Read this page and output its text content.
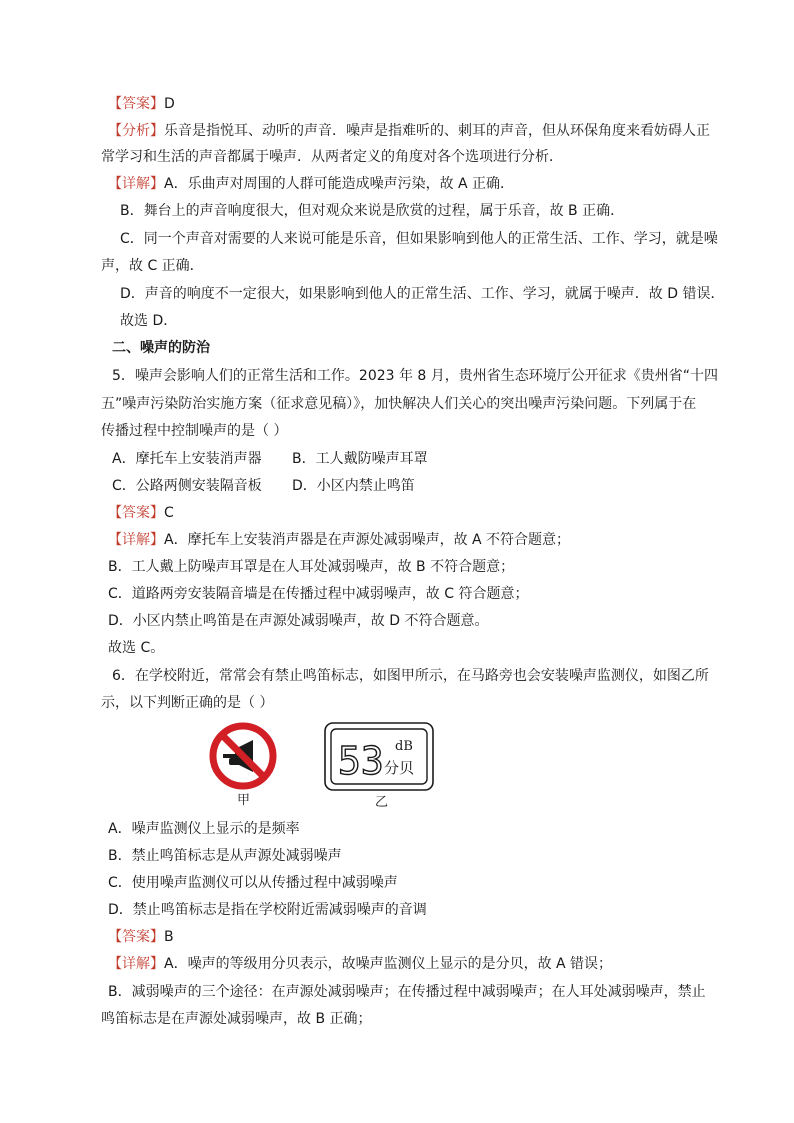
【答案】D
【分析】乐音是指悦耳、动听的声音．噪声是指难听的、刺耳的声音，但从环保角度来看妨碍人正
常学习和生活的声音都属于噪声．从两者定义的角度对各个选项进行分析．
【详解】A．乐曲声对周围的人群可能造成噪声污染，故 A 正确．
B．舞台上的声音响度很大，但对观众来说是欣赏的过程，属于乐音，故 B 正确．
C．同一个声音对需要的人来说可能是乐音，但如果影响到他人的正常生活、工作、学习，就是噪
声，故 C 正确．
D．声音的响度不一定很大，如果影响到他人的正常生活、工作、学习，就属于噪声．故 D 错误．
故选 D．
二、噪声的防治
5．噪声会影响人们的正常生活和工作。2023 年 8 月，贵州省生态环境厅公开征求《贵州省“十四
五”噪声污染防治实施方案（征求意见稿）》，加快解决人们关心的突出噪声污染问题。下列属于在
传播过程中控制噪声的是（ ）
A．摩托车上安装消声器 B．工人戴防噪声耳罩
C．公路两侧安装隔音板 D．小区内禁止鸣笛
【答案】C
【详解】A．摩托车上安装消声器是在声源处减弱噪声，故 A 不符合题意；
B．工人戴上防噪声耳罩是在人耳处减弱噪声，故 B 不符合题意；
C．道路两旁安装隔音墙是在传播过程中减弱噪声，故 C 符合题意；
D．小区内禁止鸣笛是在声源处减弱噪声，故 D 不符合题意。
故选 C。
6．在学校附近，常常会有禁止鸣笛标志，如图甲所示，在马路旁也会安装噪声监测仪，如图乙所
示，以下判断正确的是（ ）
53 dB
分贝
甲	乙
A．噪声监测仪上显示的是频率
B．禁止鸣笛标志是从声源处减弱噪声
C．使用噪声监测仪可以从传播过程中减弱噪声
D．禁止鸣笛标志是指在学校附近需减弱噪声的音调
【答案】B
【详解】A．噪声的等级用分贝表示，故噪声监测仪上显示的是分贝，故 A 错误；
B．减弱噪声的三个途径：在声源处减弱噪声；在传播过程中减弱噪声；在人耳处减弱噪声，禁止
鸣笛标志是在声源处减弱噪声，故 B 正确；
